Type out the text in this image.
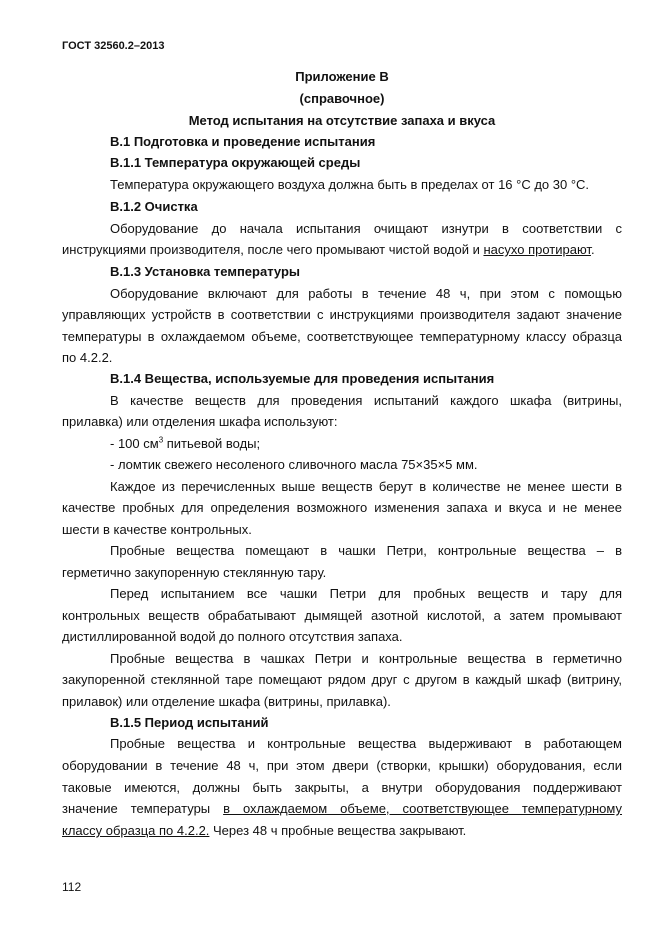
ГОСТ 32560.2–2013
Приложение В
(справочное)
Метод испытания на отсутствие запаха и вкуса
В.1 Подготовка и проведение испытания
В.1.1 Температура окружающей среды
Температура окружающего воздуха должна быть в пределах от 16 °С до 30 °С.
В.1.2 Очистка
Оборудование до начала испытания очищают изнутри в соответствии с
инструкциями производителя, после чего промывают чистой водой и насухо протирают.
В.1.3 Установка температуры
Оборудование включают для работы в течение 48 ч, при этом с помощью
управляющих устройств в соответствии с инструкциями производителя задают значение
температуры в охлаждаемом объеме, соответствующее температурному классу образца
по 4.2.2.
В.1.4 Вещества, используемые для проведения испытания
В качестве веществ для проведения испытаний каждого шкафа (витрины,
прилавка) или отделения шкафа используют:
- 100 $см^3$ питьевой воды;
- ломтик свежего несоленого сливочного масла 75×35×5 мм.
Каждое из перечисленных выше веществ берут в количестве не менее шести в
качестве пробных для определения возможного изменения запаха и вкуса и не менее
шести в качестве контрольных.
Пробные вещества помещают в чашки Петри, контрольные вещества – в
герметично закупоренную стеклянную тару.
Перед испытанием все чашки Петри для пробных веществ и тару для
контрольных веществ обрабатывают дымящей азотной кислотой, а затем промывают
дистиллированной водой до полного отсутствия запаха.
Пробные вещества в чашках Петри и контрольные вещества в герметично
закупоренной стеклянной таре помещают рядом друг с другом в каждый шкаф (витрину,
прилавок) или отделение шкафа (витрины, прилавка).
В.1.5 Период испытаний
Пробные вещества и контрольные вещества выдерживают в работающем
оборудовании в течение 48 ч, при этом двери (створки, крышки) оборудования, если
таковые имеются, должны быть закрыты, а внутри оборудования поддерживают
значение температуры в охлаждаемом объеме, соответствующее температурному
классу образца по 4.2.2. Через 48 ч пробные вещества закрывают.
112
